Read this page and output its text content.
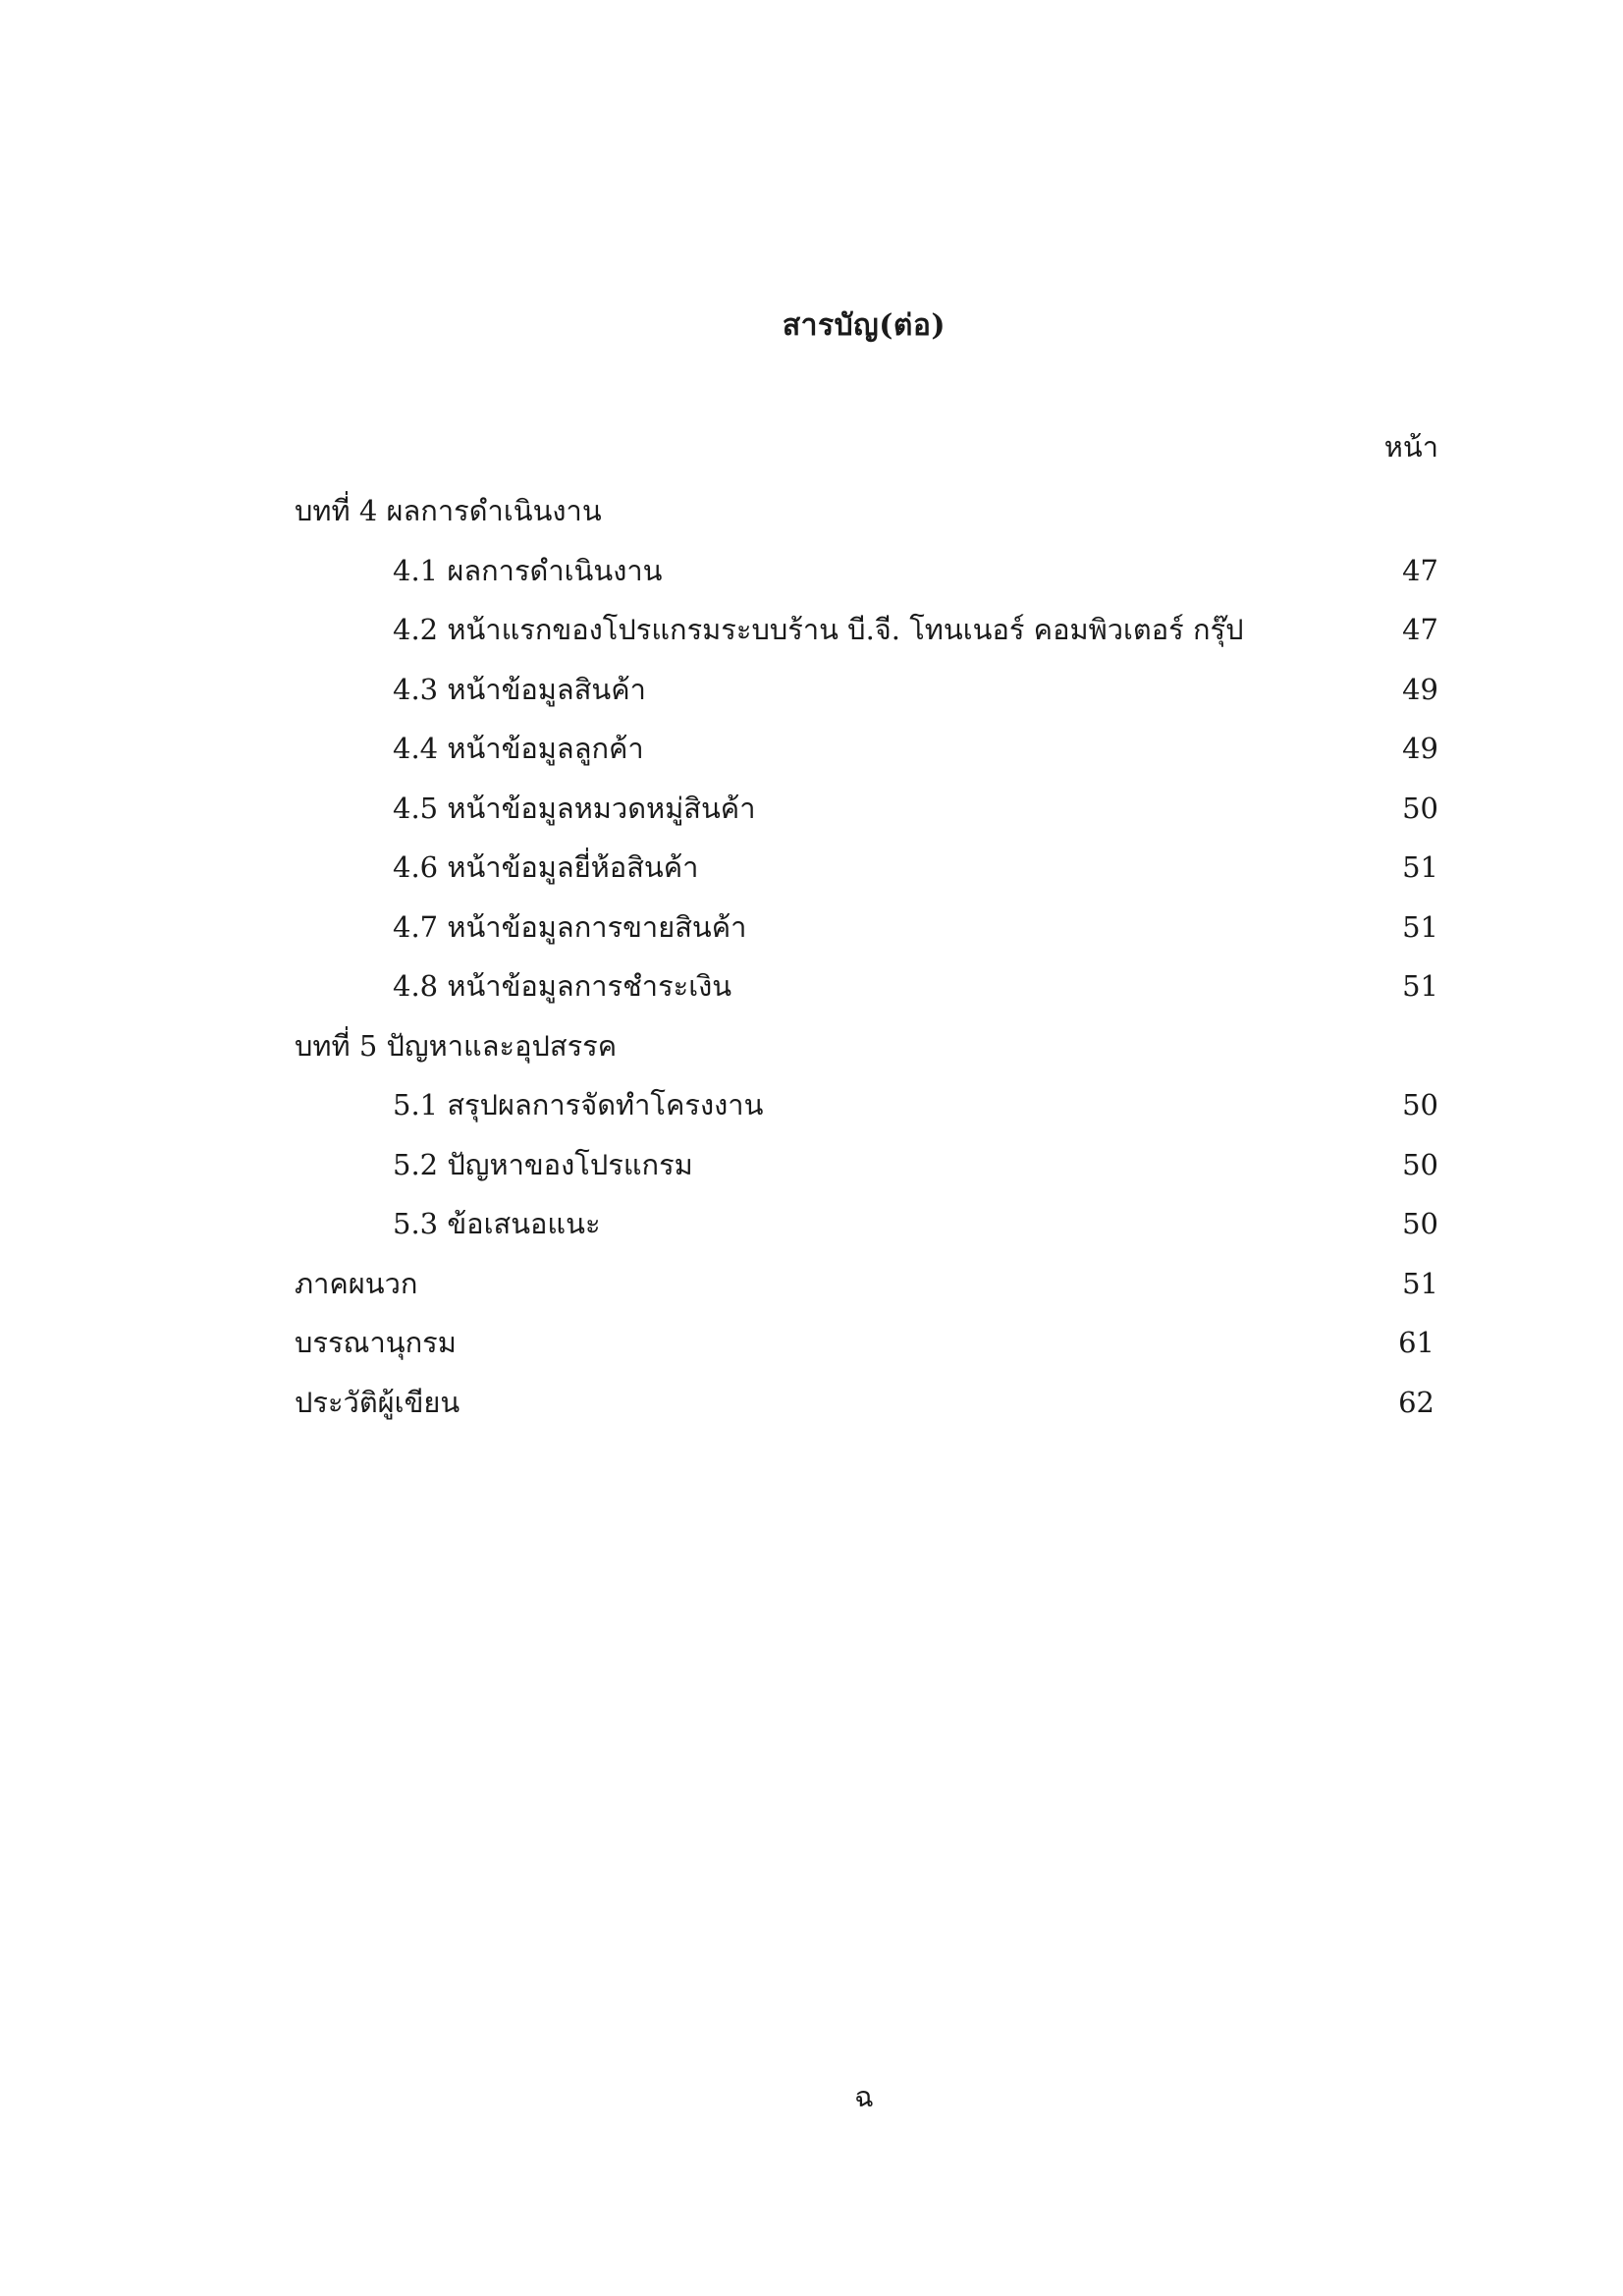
สารบัญ(ต่อ)
หน้า
บทที่ 4 ผลการดำเนินงาน
4.1 ผลการดำเนินงาน	47
4.2 หน้าแรกของโปรแกรมระบบร้าน บี.จี. โทนเนอร์ คอมพิวเตอร์ กรุ๊ป	47
4.3 หน้าข้อมูลสินค้า	49
4.4 หน้าข้อมูลลูกค้า	49
4.5 หน้าข้อมูลหมวดหมู่สินค้า	50
4.6 หน้าข้อมูลยี่ห้อสินค้า	51
4.7 หน้าข้อมูลการขายสินค้า	51
4.8 หน้าข้อมูลการชำระเงิน	51
บทที่ 5 ปัญหาและอุปสรรค
5.1 สรุปผลการจัดทำโครงงาน	50
5.2 ปัญหาของโปรแกรม	50
5.3 ข้อเสนอแนะ	50
ภาคผนวก	51
บรรณานุกรม	61
ประวัติผู้เขียน	62
ฉ
